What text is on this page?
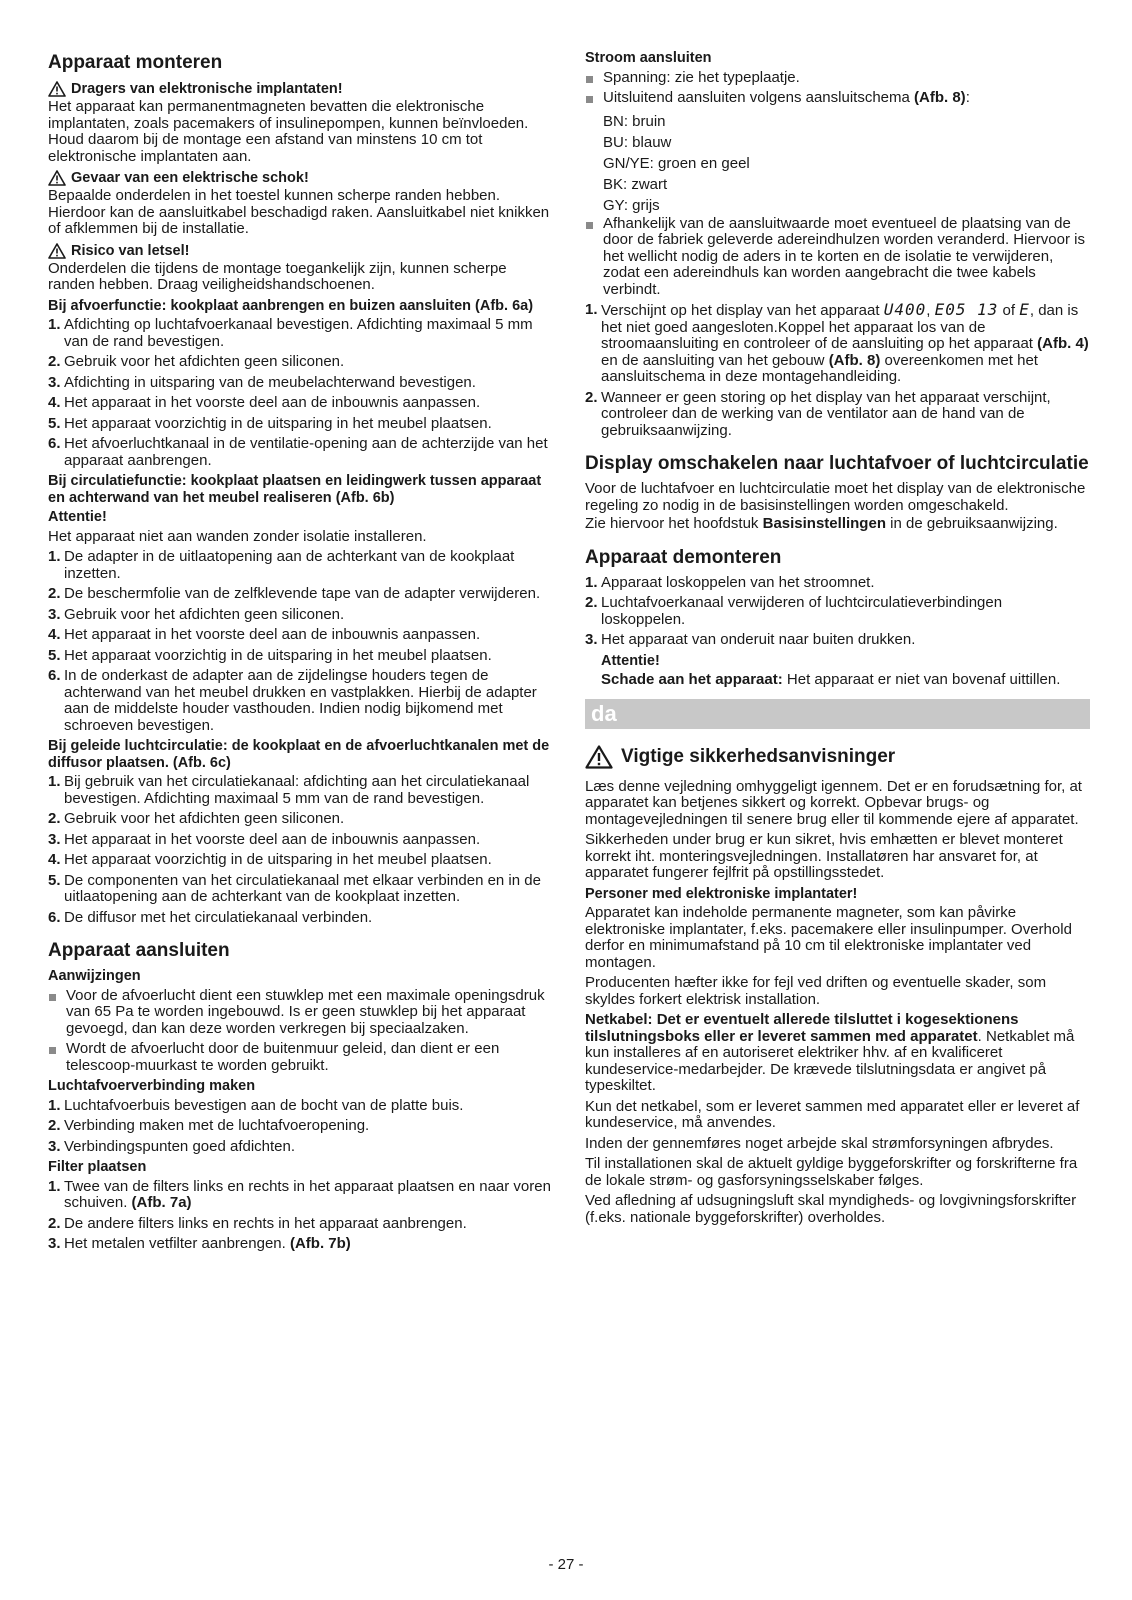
Apparaat monteren
Dragers van elektronische implantaten!
Het apparaat kan permanentmagneten bevatten die elektronische implantaten, zoals pacemakers of insulinepompen, kunnen beïnvloeden. Houd daarom bij de montage een afstand van minstens 10 cm tot elektronische implantaten aan.
Gevaar van een elektrische schok!
Bepaalde onderdelen in het toestel kunnen scherpe randen hebben. Hierdoor kan de aansluitkabel beschadigd raken. Aansluitkabel niet knikken of afklemmen bij de installatie.
Risico van letsel!
Onderdelen die tijdens de montage toegankelijk zijn, kunnen scherpe randen hebben. Draag veiligheidshandschoenen.
Bij afvoerfunctie: kookplaat aanbrengen en buizen aansluiten (Afb. 6a)
1. Afdichting op luchtafvoerkanaal bevestigen. Afdichting maximaal 5 mm van de rand bevestigen.
2. Gebruik voor het afdichten geen siliconen.
3. Afdichting in uitsparing van de meubelachterwand bevestigen.
4. Het apparaat in het voorste deel aan de inbouwnis aanpassen.
5. Het apparaat voorzichtig in de uitsparing in het meubel plaatsen.
6. Het afvoerluchtkanaal in de ventilatie-opening aan de achterzijde van het apparaat aanbrengen.
Bij circulatiefunctie: kookplaat plaatsen en leidingwerk tussen apparaat en achterwand van het meubel realiseren (Afb. 6b)
Attentie!
Het apparaat niet aan wanden zonder isolatie installeren.
1. De adapter in de uitlaatopening aan de achterkant van de kookplaat inzetten.
2. De beschermfolie van de zelfklevende tape van de adapter verwijderen.
3. Gebruik voor het afdichten geen siliconen.
4. Het apparaat in het voorste deel aan de inbouwnis aanpassen.
5. Het apparaat voorzichtig in de uitsparing in het meubel plaatsen.
6. In de onderkast de adapter aan de zijdelingse houders tegen de achterwand van het meubel drukken en vastplakken. Hierbij de adapter aan de middelste houder vasthouden. Indien nodig bijkomend met schroeven bevestigen.
Bij geleide luchtcirculatie: de kookplaat en de afvoerluchtkanalen met de diffusor plaatsen. (Afb. 6c)
1. Bij gebruik van het circulatiekanaal: afdichting aan het circulatiekanaal bevestigen. Afdichting maximaal 5 mm van de rand bevestigen.
2. Gebruik voor het afdichten geen siliconen.
3. Het apparaat in het voorste deel aan de inbouwnis aanpassen.
4. Het apparaat voorzichtig in de uitsparing in het meubel plaatsen.
5. De componenten van het circulatiekanaal met elkaar verbinden en in de uitlaatopening aan de achterkant van de kookplaat inzetten.
6. De diffusor met het circulatiekanaal verbinden.
Apparaat aansluiten
Aanwijzingen
Voor de afvoerlucht dient een stuwklep met een maximale openingsdruk van 65 Pa te worden ingebouwd. Is er geen stuwklep bij het apparaat gevoegd, dan kan deze worden verkregen bij speciaalzaken.
Wordt de afvoerlucht door de buitenmuur geleid, dan dient er een telescoop-muurkast te worden gebruikt.
Luchtafvoerverbinding maken
1. Luchtafvoerbuis bevestigen aan de bocht van de platte buis.
2. Verbinding maken met de luchtafvoeropening.
3. Verbindingspunten goed afdichten.
Filter plaatsen
1. Twee van de filters links en rechts in het apparaat plaatsen en naar voren schuiven. (Afb. 7a)
2. De andere filters links en rechts in het apparaat aanbrengen.
3. Het metalen vetfilter aanbrengen. (Afb. 7b)
Stroom aansluiten
Spanning: zie het typeplaatje.
Uitsluitend aansluiten volgens aansluitschema (Afb. 8):
BN: bruin
BU: blauw
GN/YE: groen en geel
BK: zwart
GY: grijs
Afhankelijk van de aansluitwaarde moet eventueel de plaatsing van de door de fabriek geleverde adereindhulzen worden veranderd. Hiervoor is het wellicht nodig de aders in te korten en de isolatie te verwijderen, zodat een adereindhuls kan worden aangebracht die twee kabels verbindt.
1. Verschijnt op het display van het apparaat U400, E05 13 of E, dan is het niet goed aangesloten.Koppel het apparaat los van de stroomaansluiting en controleer of de aansluiting op het apparaat (Afb. 4) en de aansluiting van het gebouw (Afb. 8) overeenkomen met het aansluitschema in deze montagehandleiding.
2. Wanneer er geen storing op het display van het apparaat verschijnt, controleer dan de werking van de ventilator aan de hand van de gebruiksaanwijzing.
Display omschakelen naar luchtafvoer of luchtcirculatie
Voor de luchtafvoer en luchtcirculatie moet het display van de elektronische regeling zo nodig in de basisinstellingen worden omgeschakeld.
Zie hiervoor het hoofdstuk Basisinstellingen in de gebruiksaanwijzing.
Apparaat demonteren
1. Apparaat loskoppelen van het stroomnet.
2. Luchtafvoerkanaal verwijderen of luchtcirculatieverbindingen loskoppelen.
3. Het apparaat van onderuit naar buiten drukken.
Attentie!
Schade aan het apparaat: Het apparaat er niet van bovenaf uittillen.
da
Vigtige sikkerhedsanvisninger
Læs denne vejledning omhyggeligt igennem. Det er en forudsætning for, at apparatet kan betjenes sikkert og korrekt. Opbevar brugs- og montagevejledningen til senere brug eller til kommende ejere af apparatet.
Sikkerheden under brug er kun sikret, hvis emhætten er blevet monteret korrekt iht. monteringsvejledningen. Installatøren har ansvaret for, at apparatet fungerer fejlfrit på opstillingsstedet.
Personer med elektroniske implantater!
Apparatet kan indeholde permanente magneter, som kan påvirke elektroniske implantater, f.eks. pacemakere eller insulinpumper. Overhold derfor en minimumafstand på 10 cm til elektroniske implantater ved montagen.
Producenten hæfter ikke for fejl ved driften og eventuelle skader, som skyldes forkert elektrisk installation.
Netkabel: Det er eventuelt allerede tilsluttet i kogesektionens tilslutningsboks eller er leveret sammen med apparatet. Netkablet må kun installeres af en autoriseret elektriker hhv. af en kvalificeret kundeservice-medarbejder. De krævede tilslutningsdata er angivet på typeskiltet.
Kun det netkabel, som er leveret sammen med apparatet eller er leveret af kundeservice, må anvendes.
Inden der gennemføres noget arbejde skal strømforsyningen afbrydes.
Til installationen skal de aktuelt gyldige byggeforskrifter og forskrifterne fra de lokale strøm- og gasforsyningsselskaber følges.
Ved afledning af udsugningsluft skal myndigheds- og lovgivningsforskrifter (f.eks. nationale byggeforskrifter) overholdes.
- 27 -
